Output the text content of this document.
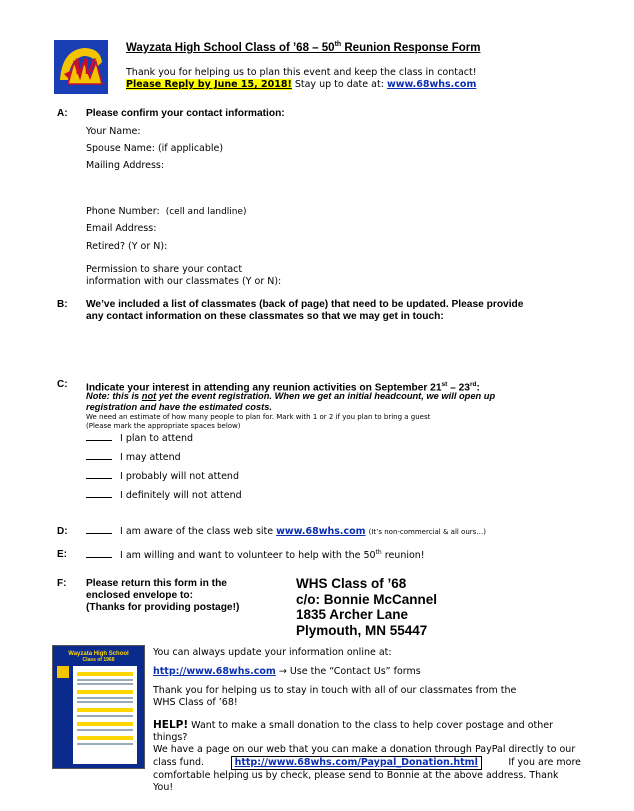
W
Wayzata High School Class of ’68 – 50th Reunion Response Form
Thank you for helping us to plan this event and keep the class in contact!
Please Reply by June 15, 2018! Stay up to date at: www.68whs.com
A: Please confirm your contact information:
Your Name:
Spouse Name: (if applicable)
Mailing Address:
Phone Number: (cell and landline)
Email Address:
Retired? (Y or N):
Permission to share your contact
information with our classmates (Y or N):
B: We’ve included a list of classmates (back of page) that need to be updated. Please provide
any contact information on these classmates so that we may get in touch:
C: Indicate your interest in attending any reunion activities on September 21st – 23rd:
Note: this is not yet the event registration. When we get an initial headcount, we will open up
registration and have the estimated costs.
We need an estimate of how many people to plan for. Mark with 1 or 2 if you plan to bring a guest
(Please mark the appropriate spaces below)
I plan to attend
I may attend
I probably will not attend
I definitely will not attend
D:	I am aware of the class web site www.68whs.com (It’s non-commercial & all ours…)
E:	I am willing and want to volunteer to help with the 50th reunion!
F: Please return this form in the
enclosed envelope to:
(Thanks for providing postage!)
WHS Class of ’68
c/o: Bonnie McCannel
1835 Archer Lane
Plymouth, MN 55447
Wayzata High School
Class of 1968
You can always update your information online at:
http://www.68whs.com → Use the “Contact Us” forms
Thank you for helping us to stay in touch with all of our classmates from the
WHS Class of ’68!
HELP! Want to make a small donation to the class to help cover postage and other things?
We have a page on our web that you can make a donation through PayPal directly to our
class fund.	http://www.68whs.com/Paypal_Donation.html	If you are more
comfortable helping us by check, please send to Bonnie at the above address. Thank You!
